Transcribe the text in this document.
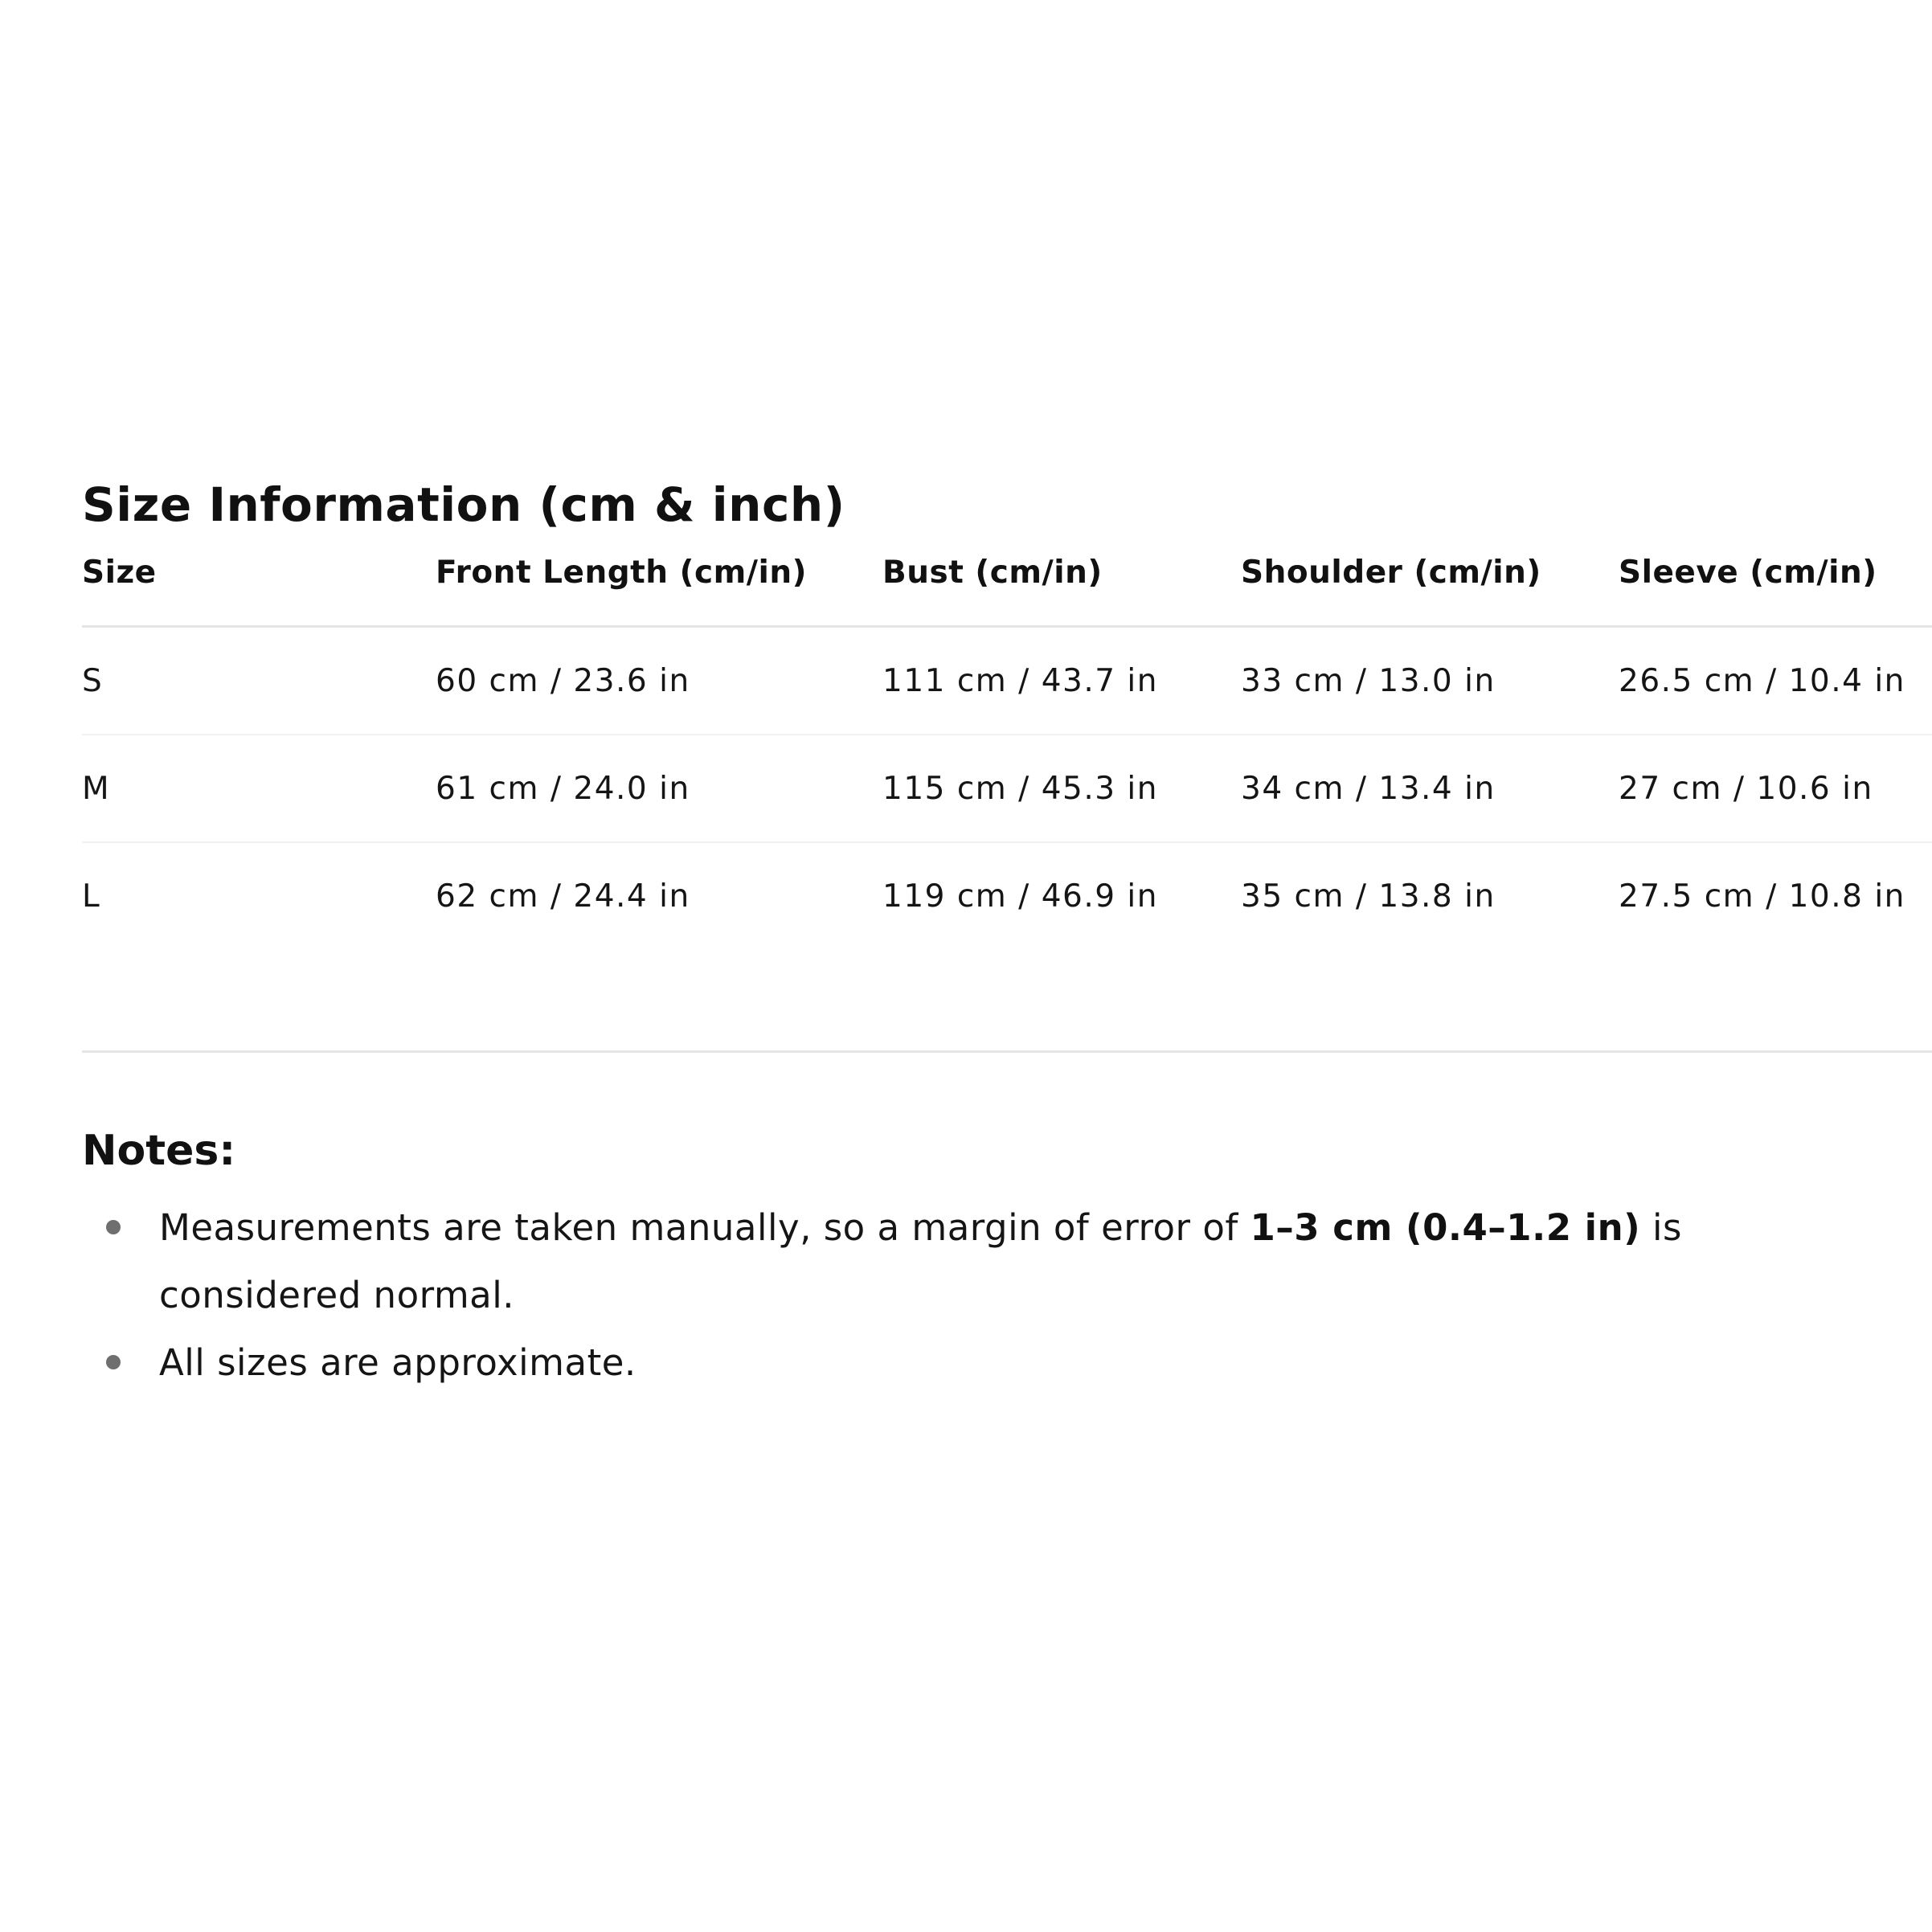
Size Information (cm & inch)
Size	Front Length (cm/in)	Bust (cm/in)	Shoulder (cm/in)	Sleeve (cm/in)
S	60 cm / 23.6 in	111 cm / 43.7 in	33 cm / 13.0 in	26.5 cm / 10.4 in
M	61 cm / 24.0 in	115 cm / 45.3 in	34 cm / 13.4 in	27 cm / 10.6 in
L	62 cm / 24.4 in	119 cm / 46.9 in	35 cm / 13.8 in	27.5 cm / 10.8 in
Notes:
Measurements are taken manually, so a margin of error of 1–3 cm (0.4–1.2 in) is considered normal.
All sizes are approximate.
